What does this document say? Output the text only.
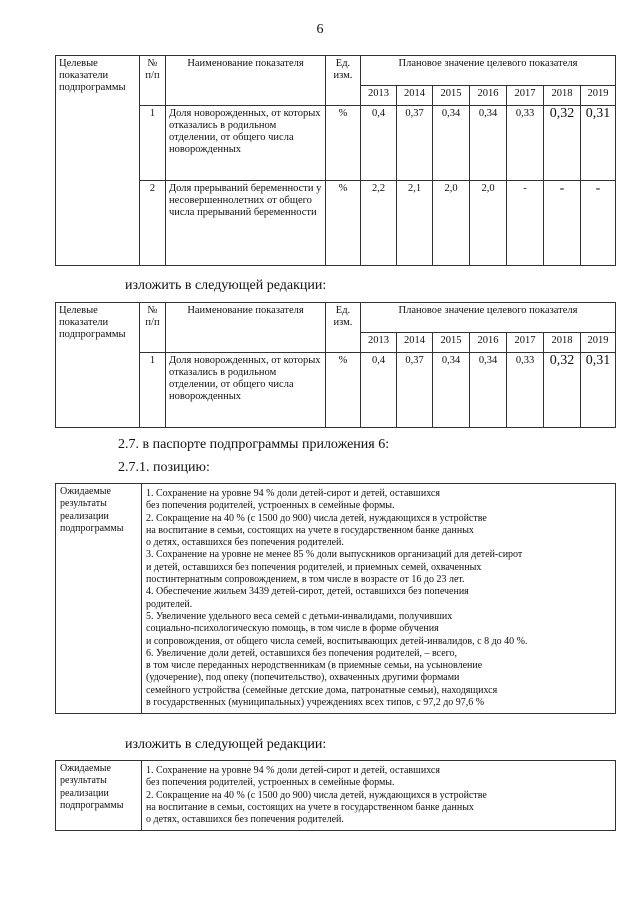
6
Целевые показатели подпрограммы	№ п/п	Наименование показателя	Ед. изм.	Плановое значение целевого показателя						
				2013	2014	2015	2016	2017	2018	2019
	1	Доля новорожденных, от которых отказались в родильном отделении, от общего числа новорожденных	%	0,4	0,37	0,34	0,34	0,33	0,32	0,31
	2	Доля прерываний беременности у несовершеннолетних от общего числа прерываний беременности	%	2,2	2,1	2,0	2,0	-	-	-
изложить в следующей редакции:
Целевые показатели подпрограммы	№ п/п	Наименование показателя	Ед. изм.	Плановое значение целевого показателя						
				2013	2014	2015	2016	2017	2018	2019
	1	Доля новорожденных, от которых отказались в родильном отделении, от общего числа новорожденных	%	0,4	0,37	0,34	0,34	0,33	0,32	0,31
2.7. в паспорте подпрограммы приложения 6:
2.7.1. позицию:
Ожидаемые результаты реализации подпрограммы	
1. Сохранение на уровне 94 % доли детей-сирот и детей, оставшихся
без попечения родителей, устроенных в семейные формы.
2. Сокращение на 40 % (с 1500 до 900) числа детей, нуждающихся в устройстве
на воспитание в семьи, состоящих на учете в государственном банке данных
о детях, оставшихся без попечения родителей.
3. Сохранение на уровне не менее 85 % доли выпускников организаций для детей-сирот
и детей, оставшихся без попечения родителей, и приемных семей, охваченных
постинтернатным сопровождением, в том числе в возрасте от 16 до 23 лет.
4. Обеспечение жильем 3439 детей-сирот, детей, оставшихся без попечения
родителей.
5. Увеличение удельного веса семей с детьми-инвалидами, получивших
социально-психологическую помощь, в том числе в форме обучения
и сопровождения, от общего числа семей, воспитывающих детей-инвалидов, с 8 до 40 %.
6. Увеличение доли детей, оставшихся без попечения родителей, – всего,
в том числе переданных неродственникам (в приемные семьи, на усыновление
(удочерение), под опеку (попечительство), охваченных другими формами
семейного устройства (семейные детские дома, патронатные семьи), находящихся
в государственных (муниципальных) учреждениях всех типов, с 97,2 до 97,6 %
изложить в следующей редакции:
Ожидаемые результаты реализации подпрограммы	
1. Сохранение на уровне 94 % доли детей-сирот и детей, оставшихся
без попечения родителей, устроенных в семейные формы.
2. Сокращение на 40 % (с 1500 до 900) числа детей, нуждающихся в устройстве
на воспитание в семьи, состоящих на учете в государственном банке данных
о детях, оставшихся без попечения родителей.
